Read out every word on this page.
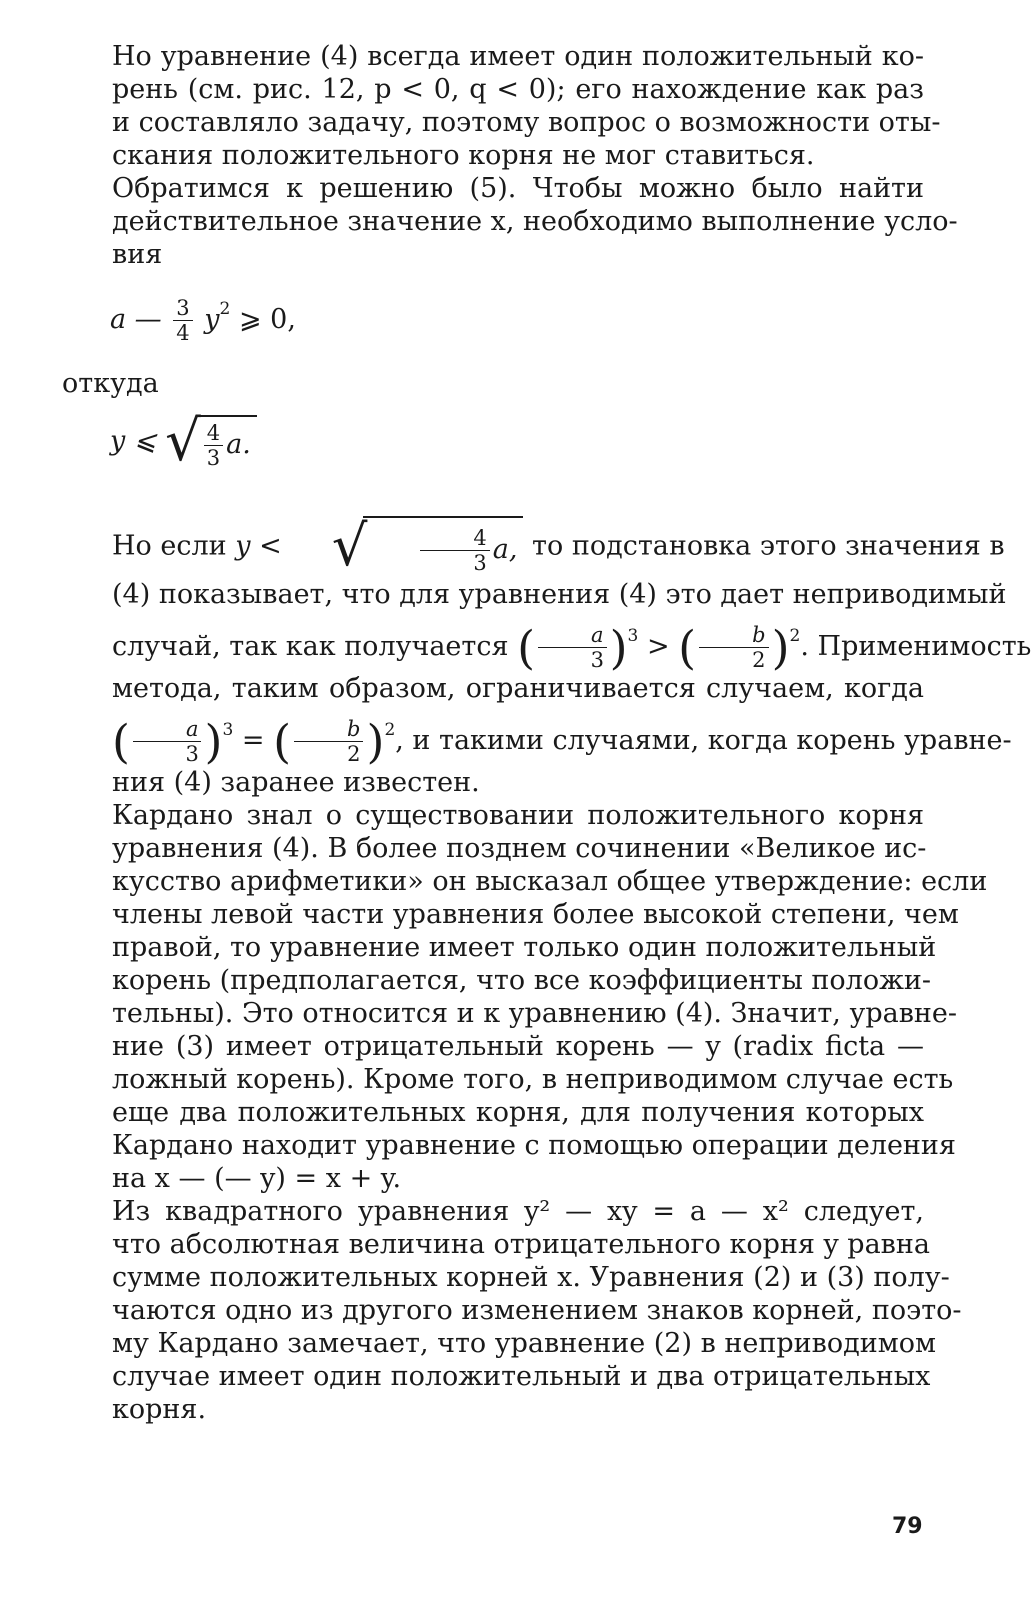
Но уравнение (4) всегда имеет один положительный ко-
рень (см. рис. 12, p < 0, q < 0); его нахождение как раз
и составляло задачу, поэтому вопрос о возможности оты-
скания положительного корня не мог ставиться.

Обратимся к решению (5). Чтобы можно было найти
действительное значение x, необходимо выполнение усло-
вия

a — $\frac{3}{4} y^2$ ⩾ 0,
откуда
y ⩽ √ $\frac{4}{3} a$.

Но если y < √	$\frac{4}{3} a$, то подстановка этого значения в
(4) показывает, что для уравнения (4) это дает неприводимый
случай, так как получается ( $\frac{a}{3} )^3$ > ( $\frac{b}{2} )^2$. Применимость
метода, таким образом, ограничивается случаем, когда
( $\frac{a}{3} )^3$ = ( $\frac{b}{2} )^2$, и такими случаями, когда корень уравне-
ния (4) заранее известен.

Кардано знал о существовании положительного корня
уравнения (4). В более позднем сочинении «Великое ис-
кусство арифметики» он высказал общее утверждение: если
члены левой части уравнения более высокой степени, чем
правой, то уравнение имеет только один положительный
корень (предполагается, что все коэффициенты положи-
тельны). Это относится и к уравнению (4). Значит, уравне-
ние (3) имеет отрицательный корень — y (radix ficta —
ложный корень). Кроме того, в неприводимом случае есть
еще два положительных корня, для получения которых
Кардано находит уравнение с помощью операции деления
на x — (— y) = x + y.

Из квадратного уравнения y² — xy = a — x² следует,
что абсолютная величина отрицательного корня y равна
сумме положительных корней x. Уравнения (2) и (3) полу-
чаются одно из другого изменением знаков корней, поэто-
му Кардано замечает, что уравнение (2) в неприводимом
случае имеет один положительный и два отрицательных
корня.

79
